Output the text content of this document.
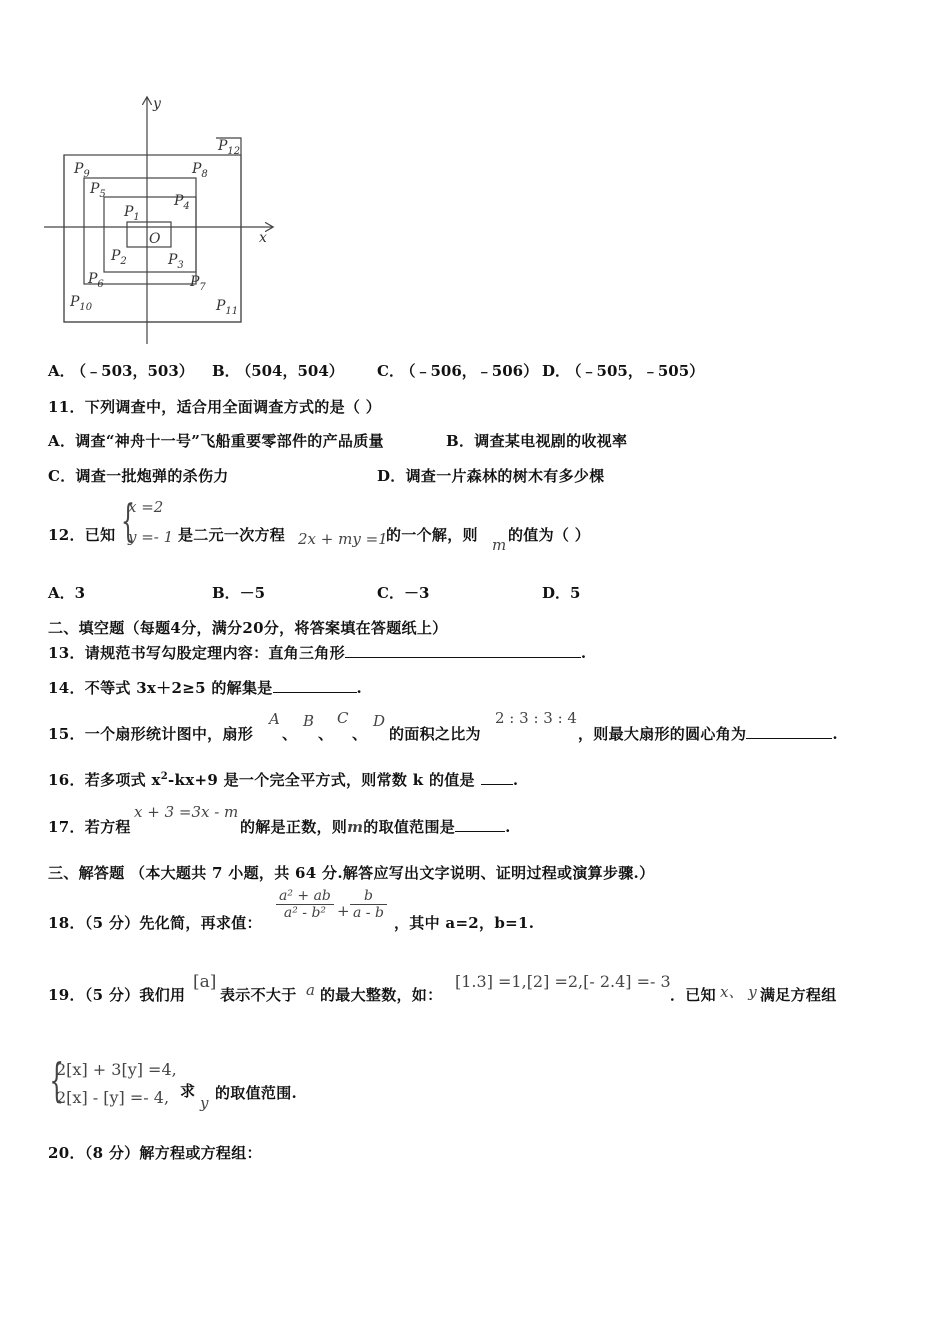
x
y
O
$P_1$
$P_2$	$P_3$
$P_4$
$P_5$
$P_6$	$P_7$
$P_8$
$P_9$
$P_{10}$	$P_{11}$
$P_{12}$
A． （﹣503，503） B． （504，504） C． （﹣506，﹣506） D． （﹣505，﹣505）
11．下列调查中，适合用全面调查方式的是（ ）
A．调查“神舟十一号”飞船重要零部件的产品质量	B．调查某电视剧的收视率
C．调查一批炮弹的杀伤力	D．调查一片森林的树木有多少棵
12．已知 {
x =2
y =- 1 是二元一次方程 2x + my =1
的一个解，则
m
的值为（ ）
A．3	B．－5	C．－3	D．5
二、填空题（每题4分，满分20分，将答案填在答题纸上）
13．请规范书写勾股定理内容：直角三角形	.
14．不等式 3x＋2≥5 的解集是	.
15．一个扇形统计图中，扇形
A
、
B
、
C
、
D
的面积之比为
2 : 3 : 3 : 4
，则最大扇形的圆心角为	.
16．若多项式 $x^2-kx+9$ 是一个完全平方式，则常数 k 的值是	.
17．若方程
x + 3 =3x - m
的解是正数，则m的取值范围是	.
三、解答题 （本大题共 7 小题，共 64 分.解答应写出文字说明、证明过程或演算步骤.）
18．（5 分）先化简，再求值：
$\frac{\text{a² + ab}}{\text{a² - b²}} + \frac{b}{a - b}$
，其中 a=2，b=1.
19．（5 分）我们用
[a]
表示不大于 a 的最大整数，如：
[1.3] =1,[2] =2,[- 2.4] =- 3
．已知 x、 y 满足方程组
{
2[x] + 3[y] =4,
2[x] - [y] =- 4, 求
y
的取值范围.
20．（8 分）解方程或方程组：
